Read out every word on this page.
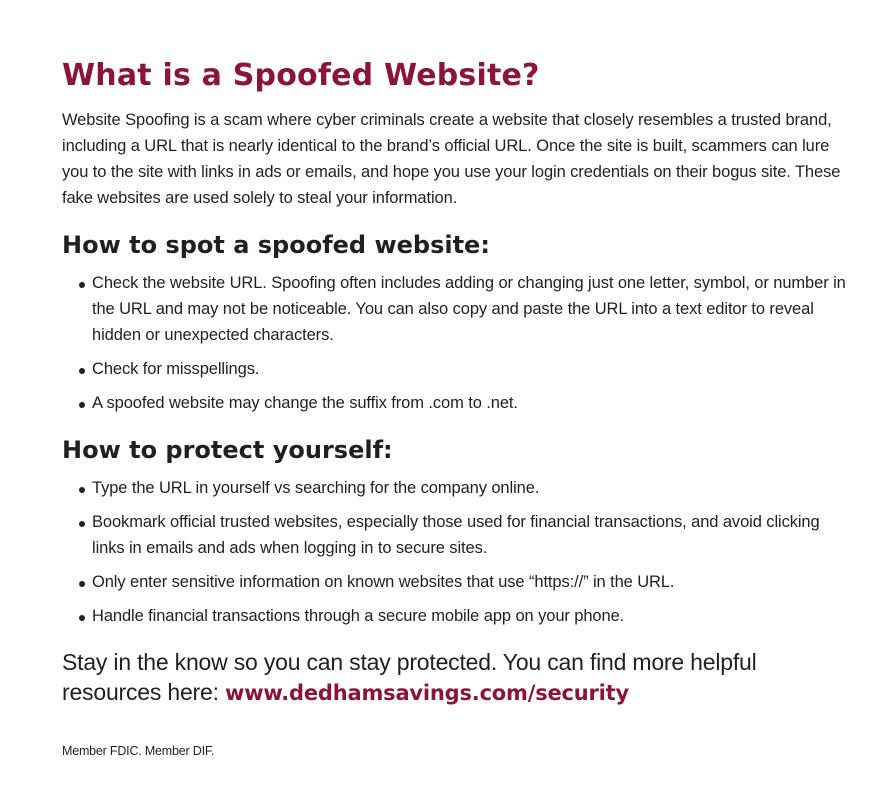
What is a Spoofed Website?

Website Spoofing is a scam where cyber criminals create a website that closely resembles a trusted brand, including a URL that is nearly identical to the brand’s official URL. Once the site is built, scammers can lure you to the site with links in ads or emails, and hope you use your login credentials on their bogus site. These fake websites are used solely to steal your information.

How to spot a spoofed website:
Check the website URL. Spoofing often includes adding or changing just one letter, symbol, or number in the URL and may not be noticeable. You can also copy and paste the URL into a text editor to reveal hidden or unexpected characters.
Check for misspellings.
A spoofed website may change the suffix from .com to .net.
How to protect yourself:
Type the URL in yourself vs searching for the company online.
Bookmark official trusted websites, especially those used for financial transactions, and avoid clicking links in emails and ads when logging in to secure sites.
Only enter sensitive information on known websites that use “https://” in the URL.
Handle financial transactions through a secure mobile app on your phone.

Stay in the know so you can stay protected. You can find more helpful resources here: www.dedhamsavings.com/security

Member FDIC. Member DIF.
